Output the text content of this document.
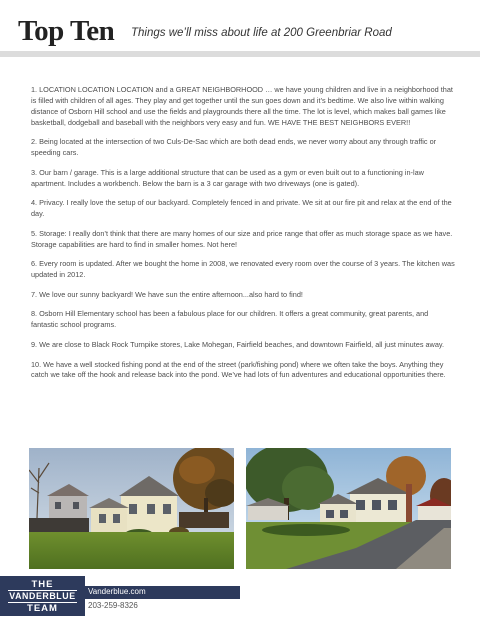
Top Ten Things we’ll miss about life at 200 Greenbriar Road

1. LOCATION LOCATION LOCATION and a GREAT NEIGHBORHOOD … we have young children and live in a neighborhood that is filled with children of all ages. They play and get together until the sun goes down and it’s bedtime. We also live within walking distance of Osborn Hill school and use the fields and playgrounds there all the time. The lot is level, which makes ball games like basketball, dodgeball and baseball with the neighbors very easy and fun. WE HAVE THE BEST NEIGHBORS EVER!!

2. Being located at the intersection of two Culs-De-Sac which are both dead ends, we never worry about any through traffic or speeding cars.

3. Our barn / garage. This is a large additional structure that can be used as a gym or even built out to a functioning in-law apartment. Includes a workbench. Below the barn is a 3 car garage with two driveways (one is gated).

4. Privacy. I really love the setup of our backyard. Completely fenced in and private. We sit at our fire pit and relax at the end of the day.

5. Storage: I really don’t think that there are many homes of our size and price range that offer as much storage space as we have. Storage capabilities are hard to find in smaller homes. Not here!

6. Every room is updated. After we bought the home in 2008, we renovated every room over the course of 3 years. The kitchen was updated in 2012.

7. We love our sunny backyard! We have sun the entire afternoon...also hard to find!

8. Osborn Hill Elementary school has been a fabulous place for our children. It offers a great community, great parents, and fantastic school programs.

9. We are close to Black Rock Turnpike stores, Lake Mohegan, Fairfield beaches, and downtown Fairfield, all just minutes away.

10. We have a well stocked fishing pond at the end of the street (park/fishing pond) where we often take the boys. Anything they catch we take off the hook and release back into the pond. We’ve had lots of fun adventures and educational opportunities there.

THE
VANDERBLUE
TEAM
Vanderblue.com
203-259-8326
